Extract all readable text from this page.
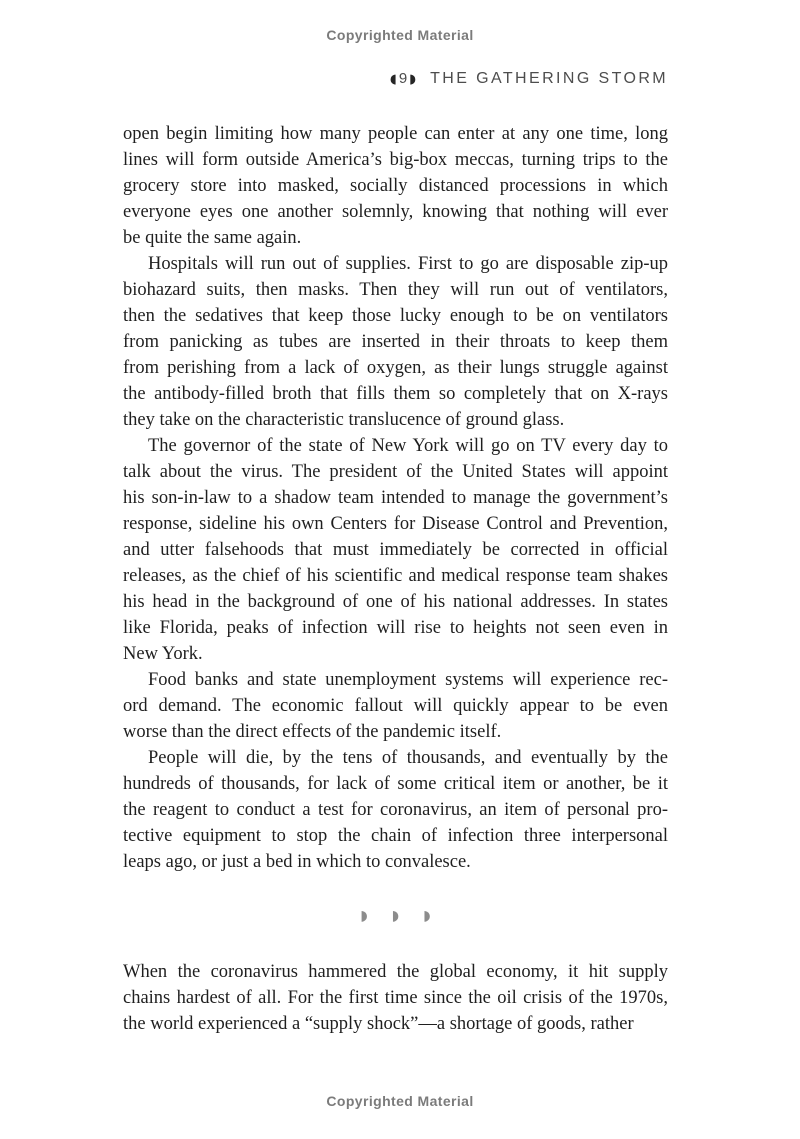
Copyrighted Material
◖9◗ THE GATHERING STORM
open begin limiting how many people can enter at any one time, long
lines will form outside America’s big-box meccas, turning trips to the
grocery store into masked, socially distanced processions in which
everyone eyes one another solemnly, knowing that nothing will ever
be quite the same again.
Hospitals will run out of supplies. First to go are disposable zip-up
biohazard suits, then masks. Then they will run out of ventilators,
then the sedatives that keep those lucky enough to be on ventilators
from panicking as tubes are inserted in their throats to keep them
from perishing from a lack of oxygen, as their lungs struggle against
the antibody-filled broth that fills them so completely that on X-rays
they take on the characteristic translucence of ground glass.
The governor of the state of New York will go on TV every day to
talk about the virus. The president of the United States will appoint
his son-in-law to a shadow team intended to manage the government’s
response, sideline his own Centers for Disease Control and Prevention,
and utter falsehoods that must immediately be corrected in official
releases, as the chief of his scientific and medical response team shakes
his head in the background of one of his national addresses. In states
like Florida, peaks of infection will rise to heights not seen even in
New York.
Food banks and state unemployment systems will experience rec-
ord demand. The economic fallout will quickly appear to be even
worse than the direct effects of the pandemic itself.
People will die, by the tens of thousands, and eventually by the
hundreds of thousands, for lack of some critical item or another, be it
the reagent to conduct a test for coronavirus, an item of personal pro-
tective equipment to stop the chain of infection three interpersonal
leaps ago, or just a bed in which to convalesce.
◗ ◗ ◗
When the coronavirus hammered the global economy, it hit supply
chains hardest of all. For the first time since the oil crisis of the 1970s,
the world experienced a “supply shock”—a shortage of goods, rather
Copyrighted Material
